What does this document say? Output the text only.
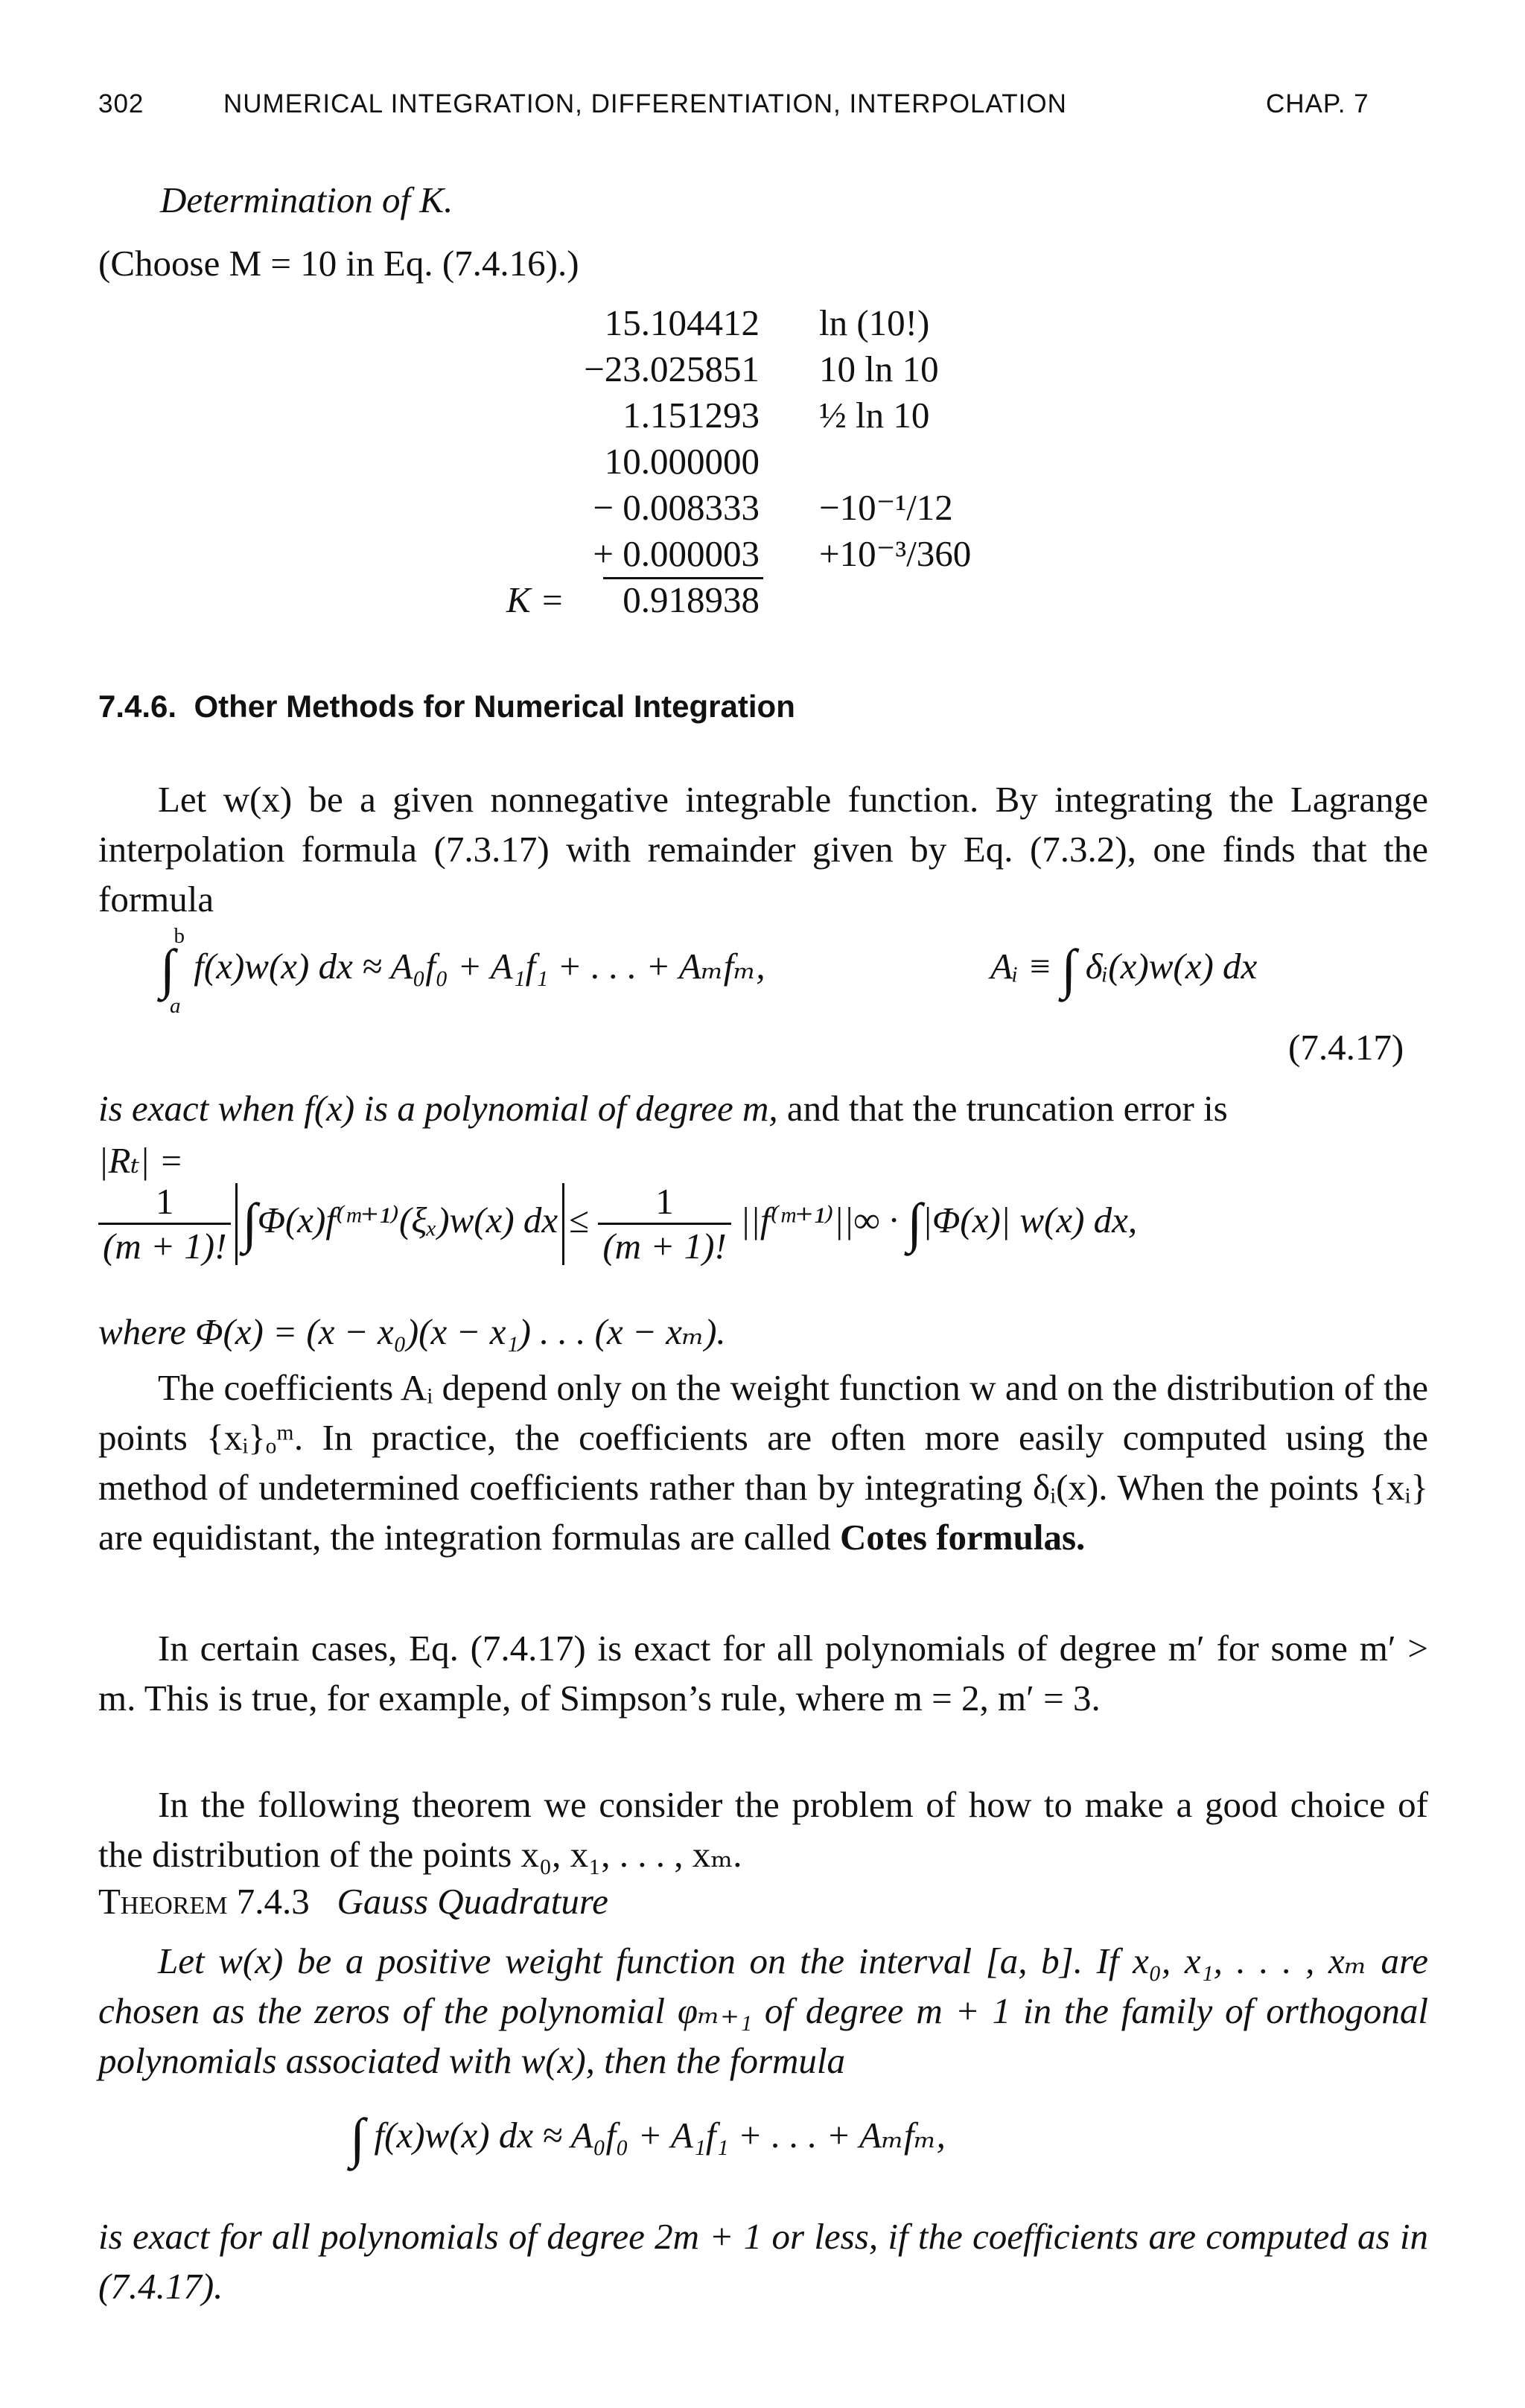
302	NUMERICAL INTEGRATION, DIFFERENTIATION, INTERPOLATION	CHAP. 7
Determination of K.
(Choose M = 10 in Eq. (7.4.16).)
15.104412 ln (10!)
−23.025851 10 ln 10
1.151293 ½ ln 10
10.000000
− 0.008333 −10⁻¹/12
+ 0.000003 +10⁻³/360
K =	0.918938
7.4.6. Other Methods for Numerical Integration
Let w(x) be a given nonnegative integrable function. By integrating the Lagrange interpolation formula (7.3.17) with remainder given by Eq. (7.3.2), one finds that the formula
∫ $^b$ f(x)w(x) dx ≈ A₀f₀ + A₁f₁ + . . . + Aₘfₘ,
a
Aᵢ ≡ ∫ δᵢ(x)w(x) dx
(7.4.17)
is exact when f(x) is a polynomial of degree m, and that the truncation error is
|Rₜ| =
$\frac{1}{(m + 1)!}$ ∫Φ(x)f⁽ᵐ⁺¹⁾(ξₓ)w(x) dx ≤ $\frac{1}{(m + 1)!}$ ||f⁽ᵐ⁺¹⁾||∞ · ∫|Φ(x)| w(x) dx,
where Φ(x) = (x − x₀)(x − x₁) . . . (x − xₘ).
The coefficients Aᵢ depend only on the weight function w and on the distribution of the points {xᵢ}ₒᵐ. In practice, the coefficients are often more easily computed using the method of undetermined coefficients rather than by integrating δᵢ(x). When the points {xᵢ} are equidistant, the integration formulas are called Cotes formulas.
In certain cases, Eq. (7.4.17) is exact for all polynomials of degree m′ for some m′ > m. This is true, for example, of Simpson’s rule, where m = 2, m′ = 3.
In the following theorem we consider the problem of how to make a good choice of the distribution of the points x₀, x₁, . . . , xₘ.
Theorem 7.4.3 Gauss Quadrature
Let w(x) be a positive weight function on the interval [a, b]. If x₀, x₁, . . . , xₘ are chosen as the zeros of the polynomial φₘ₊₁ of degree m + 1 in the family of orthogonal polynomials associated with w(x), then the formula
∫ f(x)w(x) dx ≈ A₀f₀ + A₁f₁ + . . . + Aₘfₘ,
is exact for all polynomials of degree 2m + 1 or less, if the coefficients are computed as in (7.4.17).
